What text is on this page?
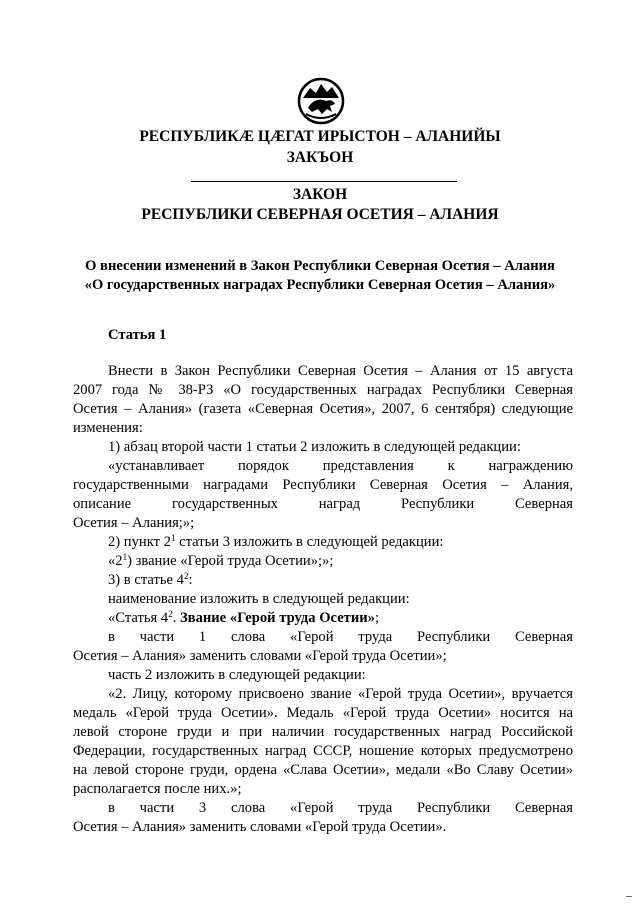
РЕСПУБЛИКÆ ЦÆГАТ ИРЫСТОН – АЛАНИЙЫ
ЗАКЪОН
ЗАКОН
РЕСПУБЛИКИ СЕВЕРНАЯ ОСЕТИЯ – АЛАНИЯ
О внесении изменений в Закон Республики Северная Осетия – Алания
«О государственных наградах Республики Северная Осетия – Алания»
Статья 1
Внести в Закон Республики Северная Осетия – Алания от 15 августа
2007 года № 38-РЗ «О государственных наградах Республики Северная
Осетия – Алания» (газета «Северная Осетия», 2007, 6 сентября) следующие
изменения:
1) абзац второй части 1 статьи 2 изложить в следующей редакции:
«устанавливает порядок представления к награждению
государственными наградами Республики Северная Осетия – Алания,
описание государственных наград Республики Северная
Осетия – Алания;»;
2) пункт $2^1$ статьи 3 изложить в следующей редакции:
«$2^1$) звание «Герой труда Осетии»;»;
3) в статье $4^2$:
наименование изложить в следующей редакции:
«Статья $4^2$. Звание «Герой труда Осетии»;
в части 1 слова «Герой труда Республики Северная
Осетия – Алания» заменить словами «Герой труда Осетии»;
часть 2 изложить в следующей редакции:
«2. Лицу, которому присвоено звание «Герой труда Осетии», вручается
медаль «Герой труда Осетии». Медаль «Герой труда Осетии» носится на
левой стороне груди и при наличии государственных наград Российской
Федерации, государственных наград СССР, ношение которых предусмотрено
на левой стороне груди, ордена «Слава Осетии», медали «Во Славу Осетии»
располагается после них.»;
в части 3 слова «Герой труда Республики Северная
Осетия – Алания» заменить словами «Герой труда Осетии».
–
